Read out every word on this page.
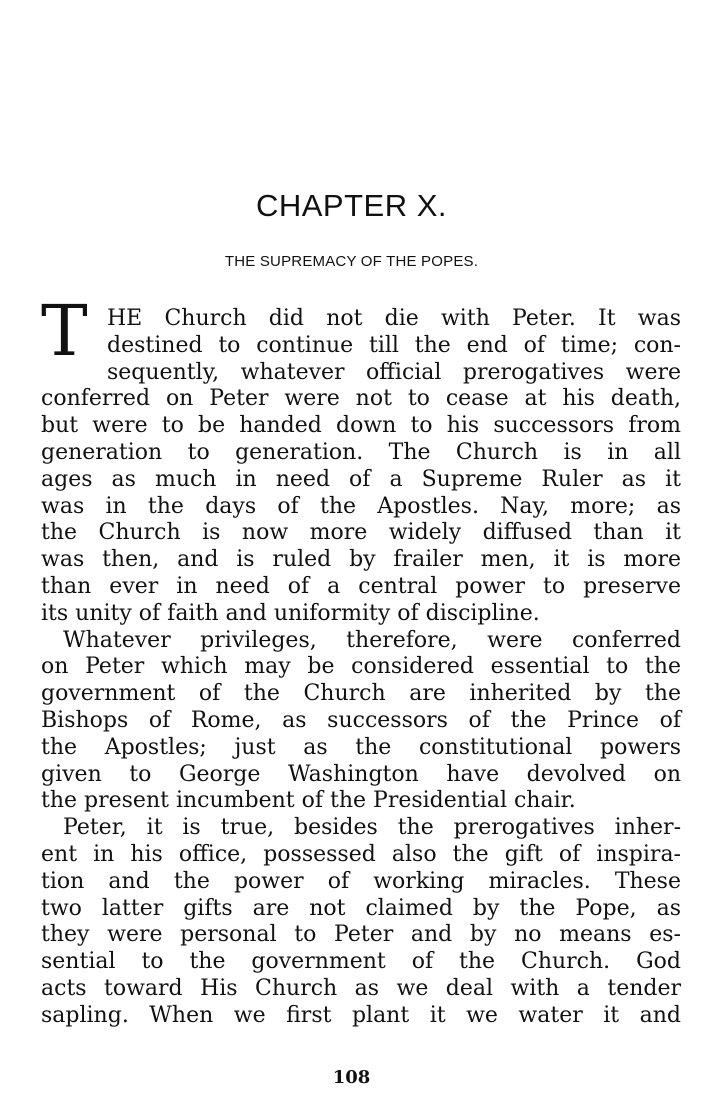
CHAPTER X.
THE SUPREMACY OF THE POPES.
T HE Church did not die with Peter. It was
destined to continue till the end of time; con-
sequently, whatever official prerogatives were
conferred on Peter were not to cease at his death,
but were to be handed down to his successors from
generation to generation. The Church is in all
ages as much in need of a Supreme Ruler as it
was in the days of the Apostles. Nay, more; as
the Church is now more widely diffused than it
was then, and is ruled by frailer men, it is more
than ever in need of a central power to preserve
its unity of faith and uniformity of discipline.
Whatever privileges, therefore, were conferred
on Peter which may be considered essential to the
government of the Church are inherited by the
Bishops of Rome, as successors of the Prince of
the Apostles; just as the constitutional powers
given to George Washington have devolved on
the present incumbent of the Presidential chair.
Peter, it is true, besides the prerogatives inher-
ent in his office, possessed also the gift of inspira-
tion and the power of working miracles. These
two latter gifts are not claimed by the Pope, as
they were personal to Peter and by no means es-
sential to the government of the Church. God
acts toward His Church as we deal with a tender
sapling. When we first plant it we water it and
108
